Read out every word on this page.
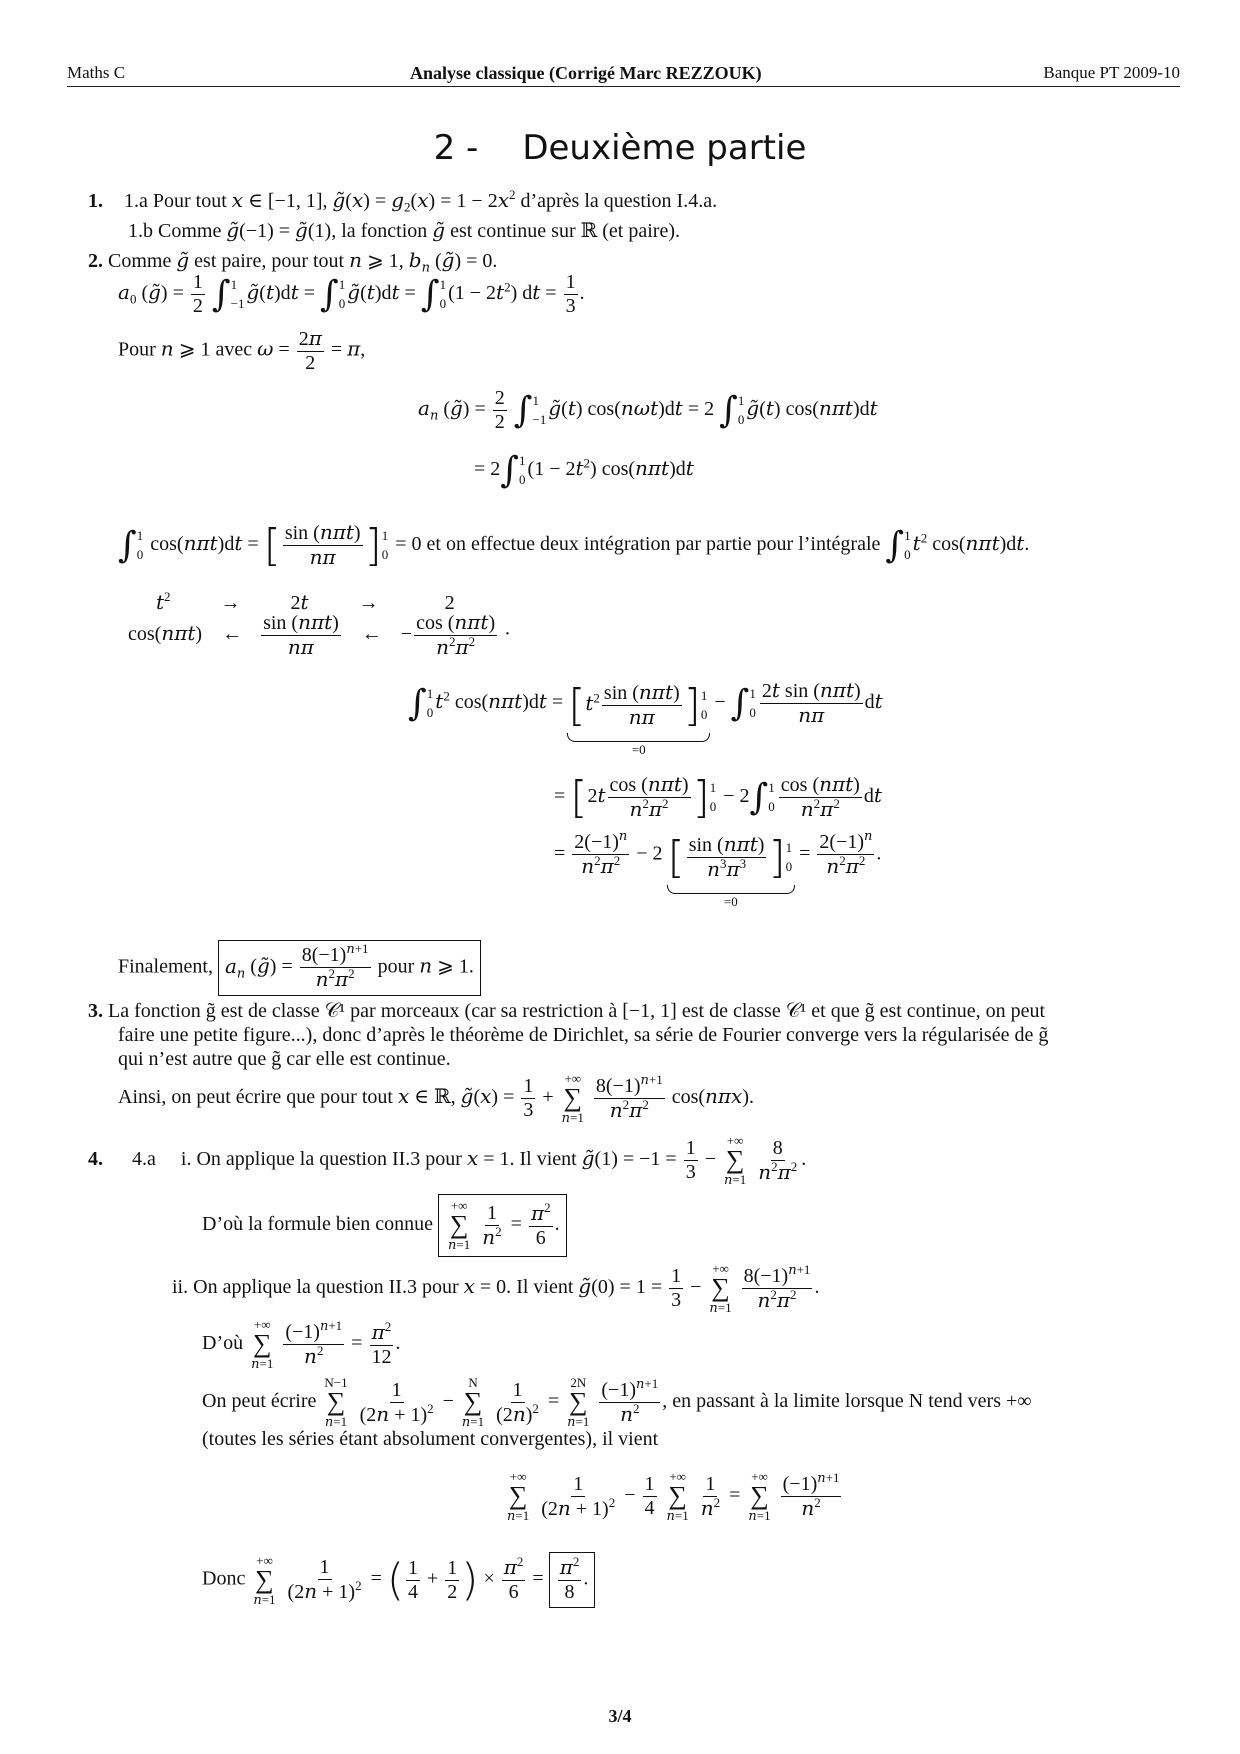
Maths C	Analyse classique (Corrigé Marc REZZOUK)	Banque PT 2009-10
2 - Deuxième partie
1. 1.a Pour tout x ∈ [−1, 1], g̃(x) = $g_2(x) = 1 - 2x^2$ d’après la question I.4.a.
1.b Comme g̃(−1) = g̃(1), la fonction g̃ est continue sur ℝ (et paire).
2. Comme g̃ est paire, pour tout n ⩾ 1, $b_n$ (g̃) = 0.
$a_0$ (g̃) = $\frac{1}{2}$ ∫ 1
−1 g̃(t)dt = ∫ 1
0 g̃(t)dt = ∫ 1
0 $(1 - 2t^2)$ dt = $\frac{1}{3}$ .
Pour n ⩾ 1 avec $\omega = \frac{2\pi}{2} = \pi$,
$a_n$ (g̃) = $\frac{2}{2}$ ∫ 1
−1 g̃(t) cos(nωt)dt = 2 ∫ 1
0 g̃(t) cos(nπt)dt
= 2∫ 1
0 $(1 - 2t^2)$ cos(nπt)dt
∫ 1
0 cos(nπt)dt = [ $\frac{\text{sin (nπt)}}{n\pi}$ ] 1
0 = 0 et on effectue deux intégration par partie pour l’intégrale ∫ 1
0 $t^2$ cos(nπt)dt.
$t^2$	→	2t	→	2
cos(nπt) ← $\frac{\text{sin (nπt)}}{n\pi}$ ← − $\frac{\text{cos (nπt)}}{n^2\pi^2}$ ·
∫ 1
0 $t^2$ $\cos(n\pi t)dt = [t^2 \frac{\text{sin (nπt)}}{n\pi}$ ] 1
0
=0
− ∫ 1
$0 \frac{\text{2t sin (nπt)}}{n\pi}$ dt
= [$2t \frac{\text{cos (nπt)}}{n^2\pi^2}$ ] 1
0 − 2∫ 1
$0 \frac{\text{cos (nπt)}}{n^2\pi^2}$ dt
= $\frac{2(-1)^n}{n^2\pi^2} - 2$ [ $\frac{\text{sin (nπt)}}{n^3\pi^3}$ ] 1
0
=0
= $\frac{2(-1)^n}{n^2\pi^2}$ .
Finalement, $a_n$ (g̃) = $\frac{8(-1)^{n+1}}{n^2\pi^2}$ pour n ⩾ 1.
3. La fonction g̃ est de classe 𝒞¹ par morceaux (car sa restriction à [−1, 1] est de classe 𝒞¹ et que g̃ est continue, on peut
faire une petite figure...), donc d’après le théorème de Dirichlet, sa série de Fourier converge vers la régularisée de g̃
qui n’est autre que g̃ car elle est continue.
Ainsi, on peut écrire que pour tout x ∈ ℝ, g̃(x) = $\frac{1}{3}$ +
+∞
∑
n=1
$\frac{8(-1)^{n+1}}{n^2\pi^2} \cos(n\pi x)$.
4. 4.a i. On applique la question II.3 pour x = 1. Il vient g̃(1) = $-1 = \frac{1}{3}$ −
+∞
∑
n=1
$\frac{8}{n^2\pi^2}$ .
D’où la formule bien connue
+∞
∑
n=1
$\frac{1}{n^2} = \frac{\pi^2}{6}$ .
ii. On applique la question II.3 pour x = 0. Il vient g̃(0) = $1 = \frac{1}{3}$ −
+∞
∑
n=1
$\frac{8(-1)^{n+1}}{n^2\pi^2}$ .
D’où
+∞
∑
n=1
$\frac{(-1)^{n+1}}{n^2} = \frac{\pi^2}{12}$ .
On peut écrire
N−1
∑
n=1
$\frac{1}{(2n + 1)^2}$ −
N
∑
n=1
$\frac{1}{(2n)^2}$ =
2N
∑
n=1
$\frac{(-1)^{n+1}}{n^2}$ , en passant à la limite lorsque N tend vers +∞
(toutes les séries étant absolument convergentes), il vient
+∞
∑
n=1
$\frac{1}{(2n + 1)^2} - \frac{1}{4}$
+∞
∑
n=1
$\frac{1}{n^2}$ =
+∞
∑
n=1
$\frac{(-1)^{n+1}}{n^2}$
Donc
+∞
∑
n=1
$\frac{1}{(2n + 1)^2}$ = ( $\frac{1}{4} + \frac{1}{2}$ ) × $\frac{\pi^2}{6} = \frac{\pi^2}{8}$ .
3/4
